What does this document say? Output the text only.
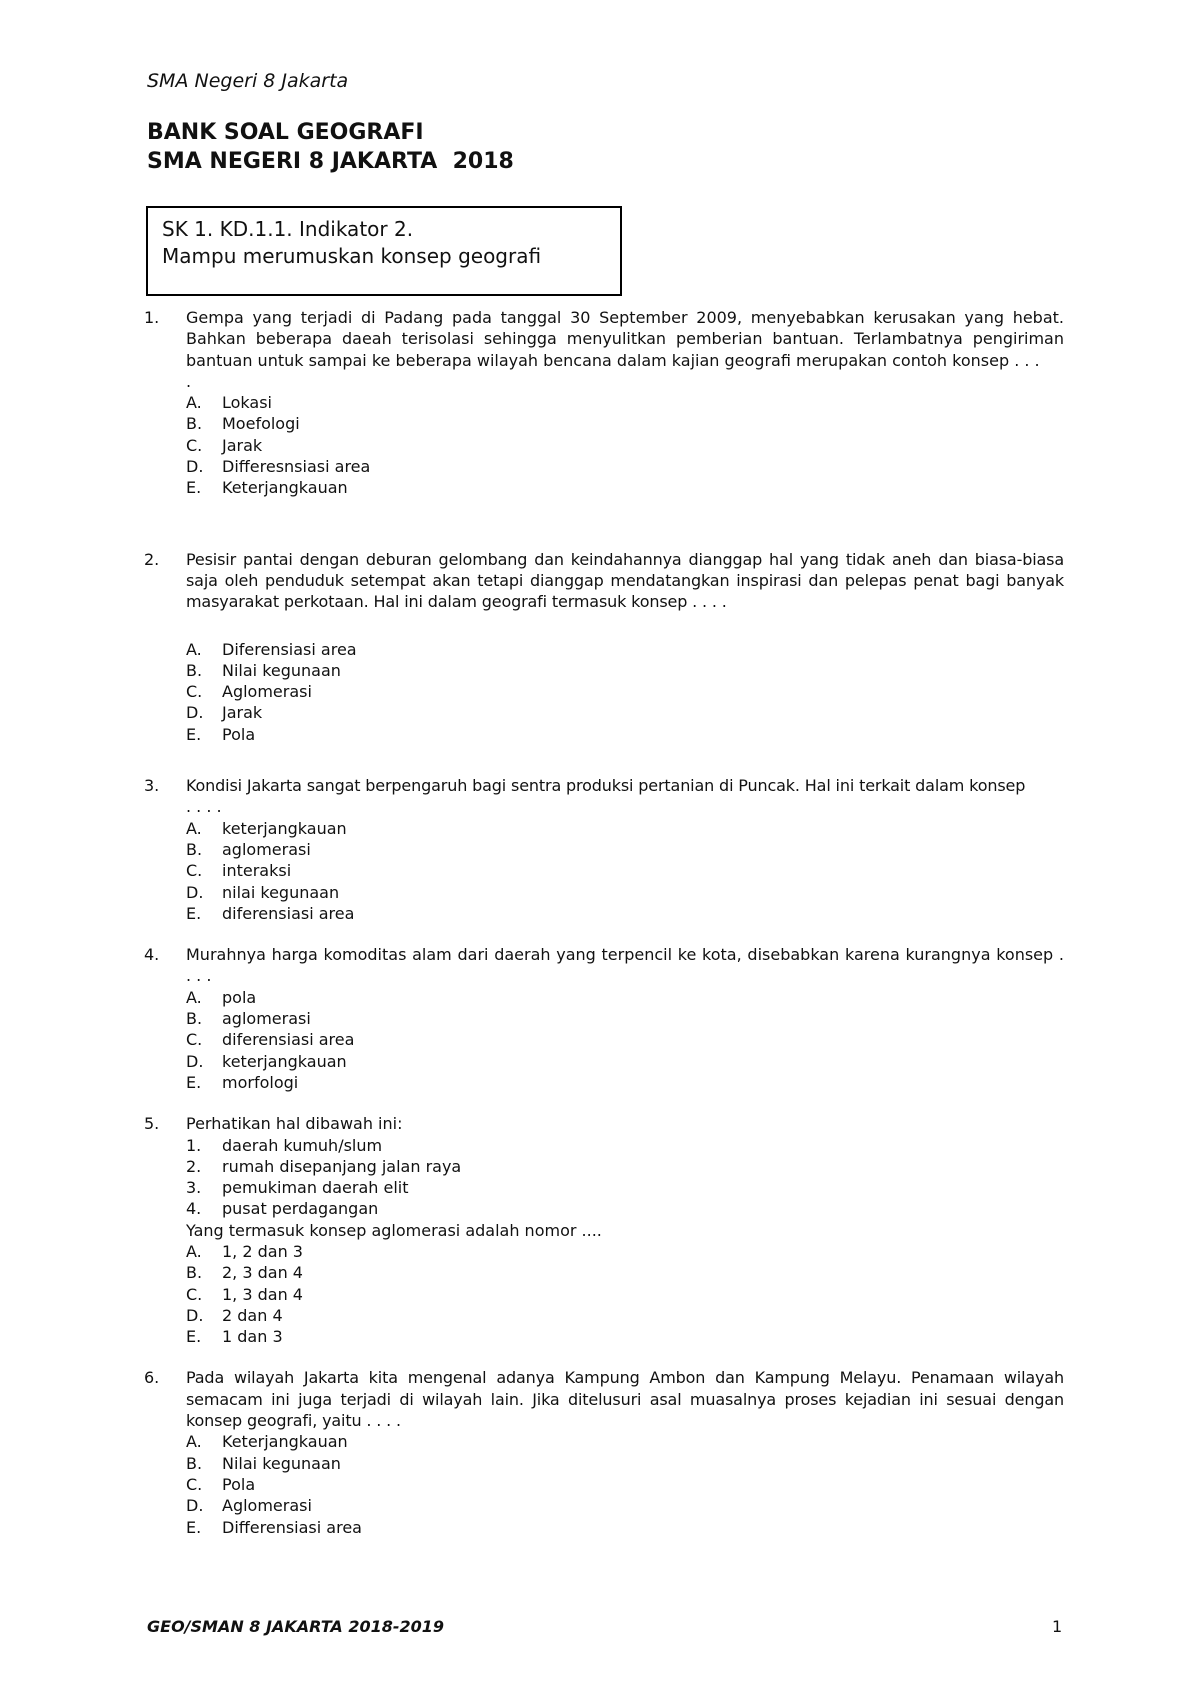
SMA Negeri 8 Jakarta
BANK SOAL GEOGRAFI
SMA NEGERI 8 JAKARTA  2018
SK 1. KD.1.1. Indikator 2.
Mampu merumuskan konsep geografi
1. Gempa yang terjadi di Padang pada tanggal 30 September 2009, menyebabkan kerusakan yang hebat. Bahkan beberapa daeah terisolasi sehingga menyulitkan pemberian bantuan. Terlambatnya pengiriman bantuan untuk sampai ke beberapa wilayah bencana dalam kajian geografi merupakan contoh konsep . . .
.
A. Lokasi
B. Moefologi
C. Jarak
D. Differesnsiasi area
E. Keterjangkauan
2. Pesisir pantai dengan deburan gelombang dan keindahannya dianggap hal yang tidak aneh dan biasa-biasa saja oleh penduduk setempat akan tetapi dianggap mendatangkan inspirasi dan pelepas penat bagi banyak masyarakat perkotaan. Hal ini dalam geografi termasuk konsep . . . .
A. Diferensiasi area
B. Nilai kegunaan
C. Aglomerasi
D. Jarak
E. Pola
3. Kondisi Jakarta sangat berpengaruh bagi sentra produksi pertanian di Puncak. Hal ini terkait dalam konsep
. . . .
A. keterjangkauan
B. aglomerasi
C. interaksi
D. nilai kegunaan
E. diferensiasi area
4. Murahnya harga komoditas alam dari daerah yang terpencil ke kota, disebabkan karena kurangnya konsep . . . .
A. pola
B. aglomerasi
C. diferensiasi area
D. keterjangkauan
E. morfologi
5. Perhatikan hal dibawah ini:
1. daerah kumuh/slum
2. rumah disepanjang jalan raya
3. pemukiman daerah elit
4. pusat perdagangan
Yang termasuk konsep aglomerasi adalah nomor ....
A. 1, 2 dan 3
B. 2, 3 dan 4
C. 1, 3 dan 4
D. 2 dan 4
E. 1 dan 3
6. Pada wilayah Jakarta kita mengenal adanya Kampung Ambon dan Kampung Melayu. Penamaan wilayah semacam ini juga terjadi di wilayah lain. Jika ditelusuri asal muasalnya proses kejadian ini sesuai dengan konsep geografi, yaitu . . . .
A. Keterjangkauan
B. Nilai kegunaan
C. Pola
D. Aglomerasi
E. Differensiasi area
GEO/SMAN 8 JAKARTA 2018-2019	1
